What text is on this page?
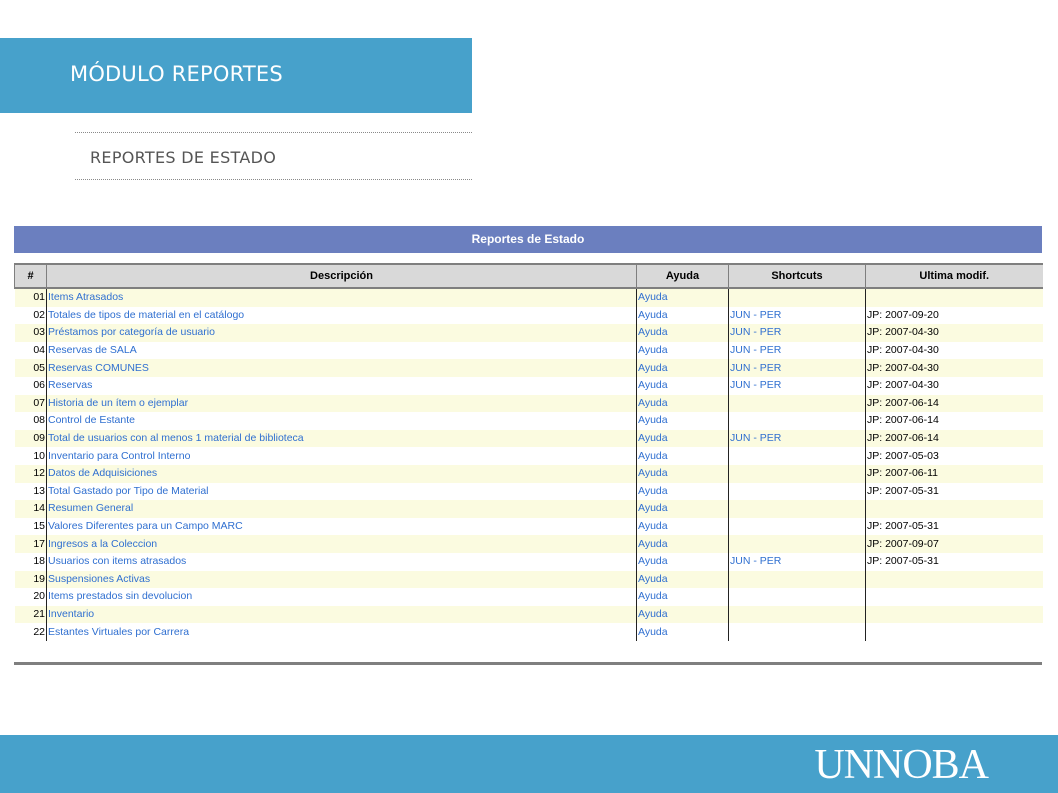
MÓDULO REPORTES
REPORTES DE ESTADO
Reportes de Estado
#	Descripción	Ayuda	Shortcuts	Ultima modif.
01	Items Atrasados	Ayuda		
02	Totales de tipos de material en el catálogo	Ayuda	JUN - PER	JP: 2007-09-20
03	Préstamos por categoría de usuario	Ayuda	JUN - PER	JP: 2007-04-30
04	Reservas de SALA	Ayuda	JUN - PER	JP: 2007-04-30
05	Reservas COMUNES	Ayuda	JUN - PER	JP: 2007-04-30
06	Reservas	Ayuda	JUN - PER	JP: 2007-04-30
07	Historia de un ítem o ejemplar	Ayuda		JP: 2007-06-14
08	Control de Estante	Ayuda		JP: 2007-06-14
09	Total de usuarios con al menos 1 material de biblioteca	Ayuda	JUN - PER	JP: 2007-06-14
10	Inventario para Control Interno	Ayuda		JP: 2007-05-03
12	Datos de Adquisiciones	Ayuda		JP: 2007-06-11
13	Total Gastado por Tipo de Material	Ayuda		JP: 2007-05-31
14	Resumen General	Ayuda		
15	Valores Diferentes para un Campo MARC	Ayuda		JP: 2007-05-31
17	Ingresos a la Coleccion	Ayuda		JP: 2007-09-07
18	Usuarios con items atrasados	Ayuda	JUN - PER	JP: 2007-05-31
19	Suspensiones Activas	Ayuda		
20	Items prestados sin devolucion	Ayuda		
21	Inventario	Ayuda		
22	Estantes Virtuales por Carrera	Ayuda		
UNNOBA
